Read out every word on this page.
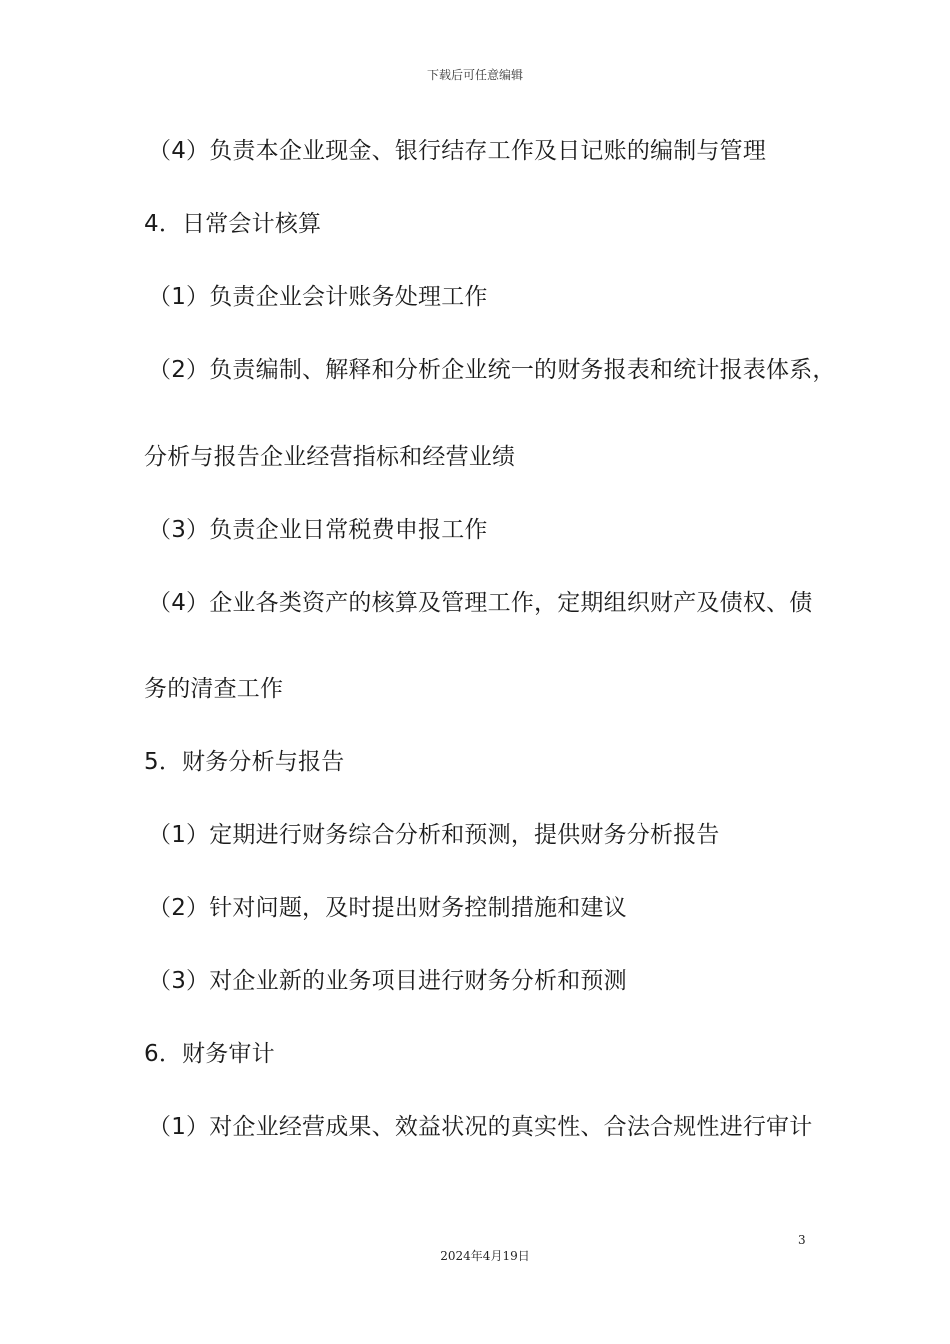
下载后可任意编辑
（4）负责本企业现金、银行结存工作及日记账的编制与管理
4．日常会计核算
（1）负责企业会计账务处理工作
（2）负责编制、解释和分析企业统一的财务报表和统计报表体系，
分析与报告企业经营指标和经营业绩
（3）负责企业日常税费申报工作
（4）企业各类资产的核算及管理工作，定期组织财产及债权、债
务的清查工作
5．财务分析与报告
（1）定期进行财务综合分析和预测，提供财务分析报告
（2）针对问题，及时提出财务控制措施和建议
（3）对企业新的业务项目进行财务分析和预测
6．财务审计
（1）对企业经营成果、效益状况的真实性、合法合规性进行审计
3
2024年4月19日
